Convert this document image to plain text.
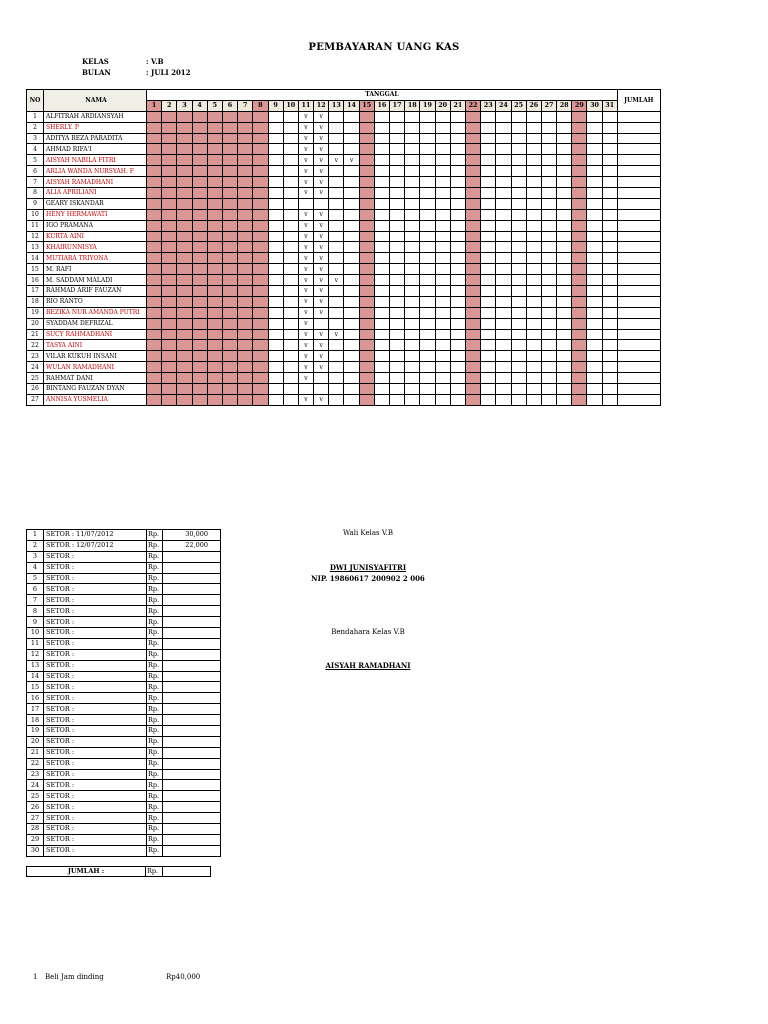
PEMBAYARAN UANG KAS
KELAS	: V.B
BULAN	: JULI 2012
NO	NAMA	TANGGAL																															JUMLAH
		1	2	3	4	5	6	7	8	9	10	11	12	13	14	15	16	17	18	19	20	21	22	23	24	25	26	27	28	29	30	31	
1	ALFITRAH ARDIANSYAH											v	v																				
2	SHERLY. P											v	v																				
3	ADITYA REZA PARADITA											v	v																				
4	AHMAD RIFA'I											v	v																				
5	AISYAH NABILA FITRI											v	v	v	v																		
6	ARLIA WANDA NURSYAH. F											v	v																				
7	AISYAH RAMADHANI											v	v																				
8	ALIA APRILIANI											v	v																				
9	GEARY ISKANDAR																																
10	HENY HERMAWATI											v	v																				
11	IGO PRAMANA											v	v																				
12	KURTA AINI											v	v																				
13	KHAIRUNNISYA											v	v																				
14	MUTIARA TRIYONA											v	v																				
15	M. RAFI											v	v																				
16	M. SADDAM MALADI											v	v	v																			
17	RAHMAD ARIF FAUZAN											v	v																				
18	RIO RANTO											v	v																				
19	REZIKA NUR AMANDA PUTRI											v	v																				
20	SYADDAM DEFRIZAL											v																					
21	SUCY RAHMADHANI											v	v	v																			
22	TASYA AINI											v	v																				
23	VILAR KUKUH INSANI											v	v																				
24	WULAN RAMADHANI											v	v																				
25	RAHMAT DANI											v																					
26	BINTANG FAUZAN DYAN																																
27	ANNISA YUSMELIA											v	v																				
1	SETOR : 11/07/2012	Rp.	30,000
2	SETOR : 12/07/2012	Rp.	22,000
3	SETOR :	Rp.	
4	SETOR :	Rp.	
5	SETOR :	Rp.	
6	SETOR :	Rp.	
7	SETOR :	Rp.	
8	SETOR :	Rp.	
9	SETOR :	Rp.	
10	SETOR :	Rp.	
11	SETOR :	Rp.	
12	SETOR :	Rp.	
13	SETOR :	Rp.	
14	SETOR :	Rp.	
15	SETOR :	Rp.	
16	SETOR :	Rp.	
17	SETOR :	Rp.	
18	SETOR :	Rp.	
19	SETOR :	Rp.	
20	SETOR :	Rp.	
21	SETOR :	Rp.	
22	SETOR :	Rp.	
23	SETOR :	Rp.	
24	SETOR :	Rp.	
25	SETOR :	Rp.	
26	SETOR :	Rp.	
27	SETOR :	Rp.	
28	SETOR :	Rp.	
29	SETOR :	Rp.	
30	SETOR :	Rp.	
JUMLAH :	Rp.	
Wali Kelas V.B
DWI JUNISYAFITRI
NIP. 19860617 200902 2 006
Bendahara Kelas V.B
AISYAH RAMADHANI
1 Beli Jam dinding	Rp40,000
